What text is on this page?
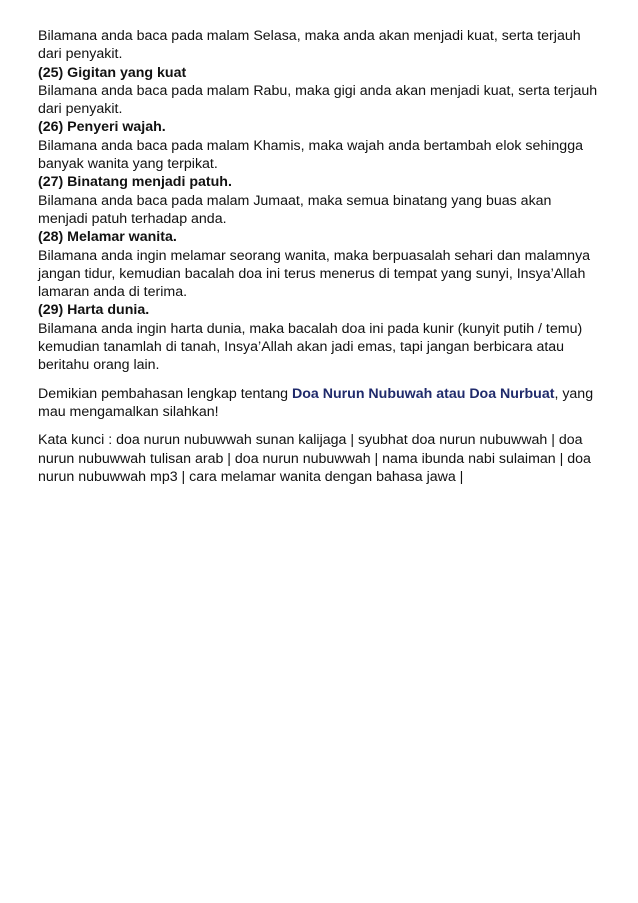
Bilamana anda baca pada malam Selasa, maka anda akan menjadi kuat, serta terjauh dari penyakit.

(25) Gigitan yang kuat

Bilamana anda baca pada malam Rabu, maka gigi anda akan menjadi kuat, serta terjauh dari penyakit.

(26) Penyeri wajah.

Bilamana anda baca pada malam Khamis, maka wajah anda bertambah elok sehingga banyak wanita yang terpikat.

(27) Binatang menjadi patuh.

Bilamana anda baca pada malam Jumaat, maka semua binatang yang buas akan menjadi patuh terhadap anda.

(28) Melamar wanita.

Bilamana anda ingin melamar seorang wanita, maka berpuasalah sehari dan malamnya jangan tidur, kemudian bacalah doa ini terus menerus di tempat yang sunyi, Insya’Allah lamaran anda di terima.

(29) Harta dunia.

Bilamana anda ingin harta dunia, maka bacalah doa ini pada kunir (kunyit putih / temu) kemudian tanamlah di tanah, Insya’Allah akan jadi emas, tapi jangan berbicara atau beritahu orang lain.

Demikian pembahasan lengkap tentang Doa Nurun Nubuwah atau Doa Nurbuat, yang mau mengamalkan silahkan!

Kata kunci : doa nurun nubuwwah sunan kalijaga | syubhat doa nurun nubuwwah | doa nurun nubuwwah tulisan arab | doa nurun nubuwwah | nama ibunda nabi sulaiman | doa nurun nubuwwah mp3 | cara melamar wanita dengan bahasa jawa |
